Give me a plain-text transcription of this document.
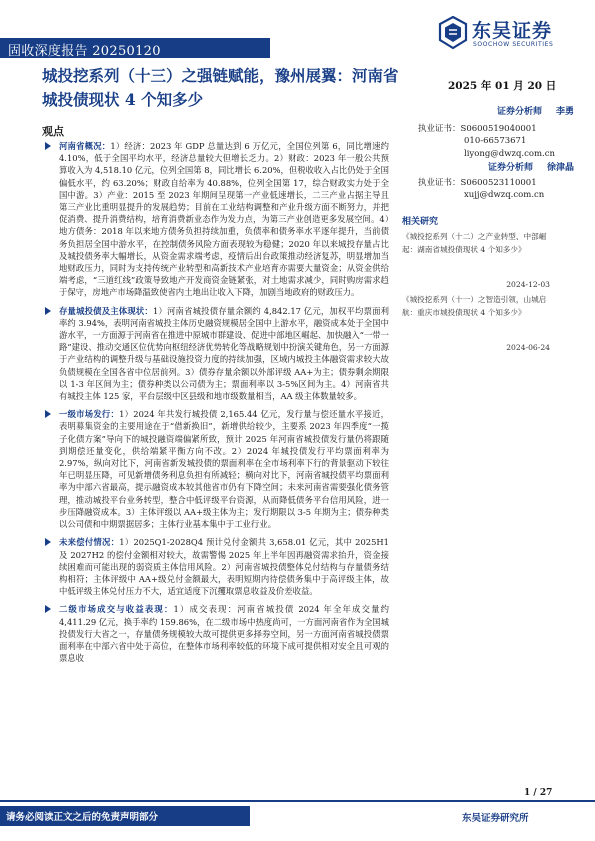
固收深度报告 20250120
东吴证券
SOOCHOW SECURITIES
城投挖系列（十三）之强链赋能，豫州展翼：河南省城投债现状 4 个知多少
2025 年 01 月 20 日
观点
证券分析师 李勇
执业证书：S0600519040001
010-66573671
liyong@dwzq.com.cn
证券分析师 徐津晶
执业证书：S0600523110001
xujj@dwzq.com.cn
相关研究
《城投挖系列（十二）之产业转型、中部崛起：湖南省城投债现状 4 个知多少》
2024-12-03
《城投挖系列（十一）之智造引领，山城启航：重庆市城投债现状 4 个知多少》
2024-06-24
河南省概况：1）经济：2023 年 GDP 总量达到 6 万亿元，全国位列第 6，同比增速约 4.10%，低于全国平均水平，经济总量较大但增长乏力。2）财政：2023 年一般公共预算收入为 4,518.10 亿元，位列全国第 8，同比增长 6.20%，但税收收入占比仍处于全国偏低水平，约 63.20%；财政自给率为 40.88%，位列全国第 17，综合财政实力处于全国中游。3）产业：2015 至 2023 年期间呈现第一产业低速增长，二三产业占据主导且第三产业比重明显提升的发展趋势；目前在工业结构调整和产业升级方面不断努力，并把促消费、提升消费结构，培育消费新业态作为发力点，为第三产业创造更多发展空间。4）地方债务：2018 年以来地方债务负担持续加重，负债率和债务率水平逐年提升，当前债务负担居全国中游水平，在控制债务风险方面表现较为稳健；2020 年以来城投存量占比及城投债务率大幅增长，从资金需求端考虑，疫情后出台政策推动经济复苏，明显增加当地财政压力，同时为支持传统产业转型和高新技术产业培育亦需要大量资金；从资金供给端考虑，“三道红线”政策导致地产开发商资金链紧张，对土地需求减少，同时购房需求趋于保守，房地产市场降温致使省内土地出让收入下降，加剧当地政府的财政压力。
存量城投债及主体现状：1）河南省城投债存量余额约 4,842.17 亿元，加权平均票面利率约 3.94%，表明河南省城投主体历史融资规模居全国中上游水平，融资成本处于全国中游水平，一方面源于河南省在推进中原城市群建设、促进中部地区崛起、加快融入“一带一路”建设、推动交通区位优势向枢纽经济优势转化等战略规划中扮演关键角色，另一方面源于产业结构的调整升级与基础设施投资力度的持续加强，区域内城投主体融资需求较大故负债规模在全国各省中位居前列。3）债券存量余额以外部评级 AA+为主；债券剩余期限以 1-3 年区间为主；债券种类以公司债为主；票面利率以 3-5%区间为主。4）河南省共有城投主体 125 家，平台层级中区县级和地市级数量相当，AA 级主体数量较多。
一级市场发行：1）2024 年共发行城投债 2,165.44 亿元，发行量与偿还量水平接近，表明募集资金的主要用途在于“借新换旧”，新增供给较少，主要系 2023 年四季度“一揽子化债方案”导向下的城投融资端偏紧所致，预计 2025 年河南省城投债发行量仍将跟随到期偿还量变化，供给端紧平衡方向不改。2）2024 年城投债发行平均票面利率为 2.97%，纵向对比下，河南省新发城投债的票面利率在全市场利率下行的背景驱动下较往年已明显压降，可见新增债务利息负担有所减轻；横向对比下，河南省城投债平均票面利率为中部六省最高，提示融资成本较其他省市仍有下降空间；未来河南省需要强化债务管理，推动城投平台业务转型，整合中低评级平台资源，从而降低债务平台信用风险，进一步压降融资成本。3）主体评级以 AA+级主体为主；发行期限以 3-5 年期为主；债券种类以公司债和中期票据居多；主体行业基本集中于工业行业。
未来偿付情况：1）2025Q1-2028Q4 预计兑付金额共 3,658.01 亿元，其中 2025H1 及 2027H2 的偿付金额相对较大，故需警惕 2025 年上半年因再融资需求抬升，资金接续困难而可能出现的弱资质主体信用风险。2）河南省城投债整体兑付结构与存量债务结构相符；主体评级中 AA+级兑付金额最大，表明短期内待偿债务集中于高评级主体，故中低评级主体兑付压力不大，适宜适度下沉攫取票息收益及价差收益。
二级市场成交与收益表现：1）成交表现：河南省城投债 2024 年全年成交量约 4,411.29 亿元，换手率约 159.86%，在二级市场中热度尚可，一方面河南省作为全国城投债发行大省之一，存量债务规模较大故可提供更多择券空间，另一方面河南省城投债票面利率在中部六省中处于高位，在整体市场利率较低的环境下成可提供相对安全且可观的票息收
1 / 27
请务必阅读正文之后的免责声明部分	东吴证券研究所
